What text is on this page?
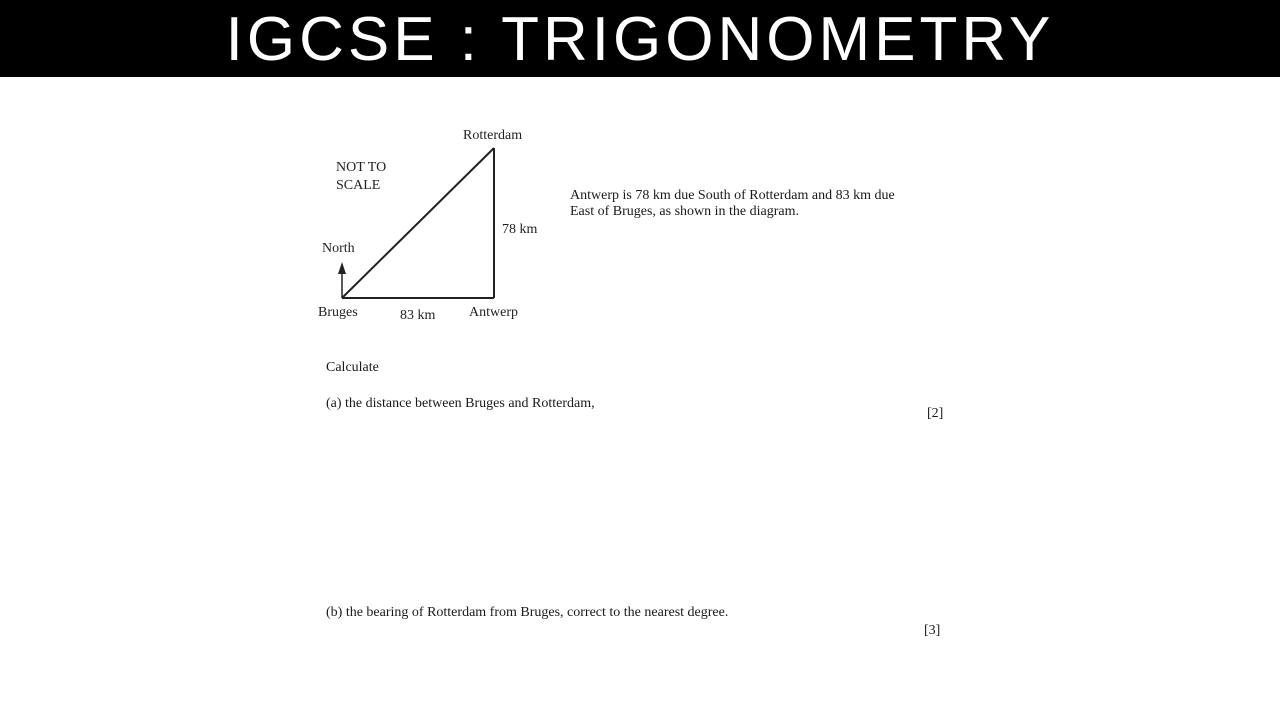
IGCSE : TRIGONOMETRY
Rotterdam
NOT TO
SCALE
78 km
North
Bruges	83 km Antwerp
Antwerp is 78 km due South of Rotterdam and 83 km due East of Bruges, as shown in the diagram.
Calculate
(a) the distance between Bruges and Rotterdam,
[2]
(b) the bearing of Rotterdam from Bruges, correct to the nearest degree.
[3]
